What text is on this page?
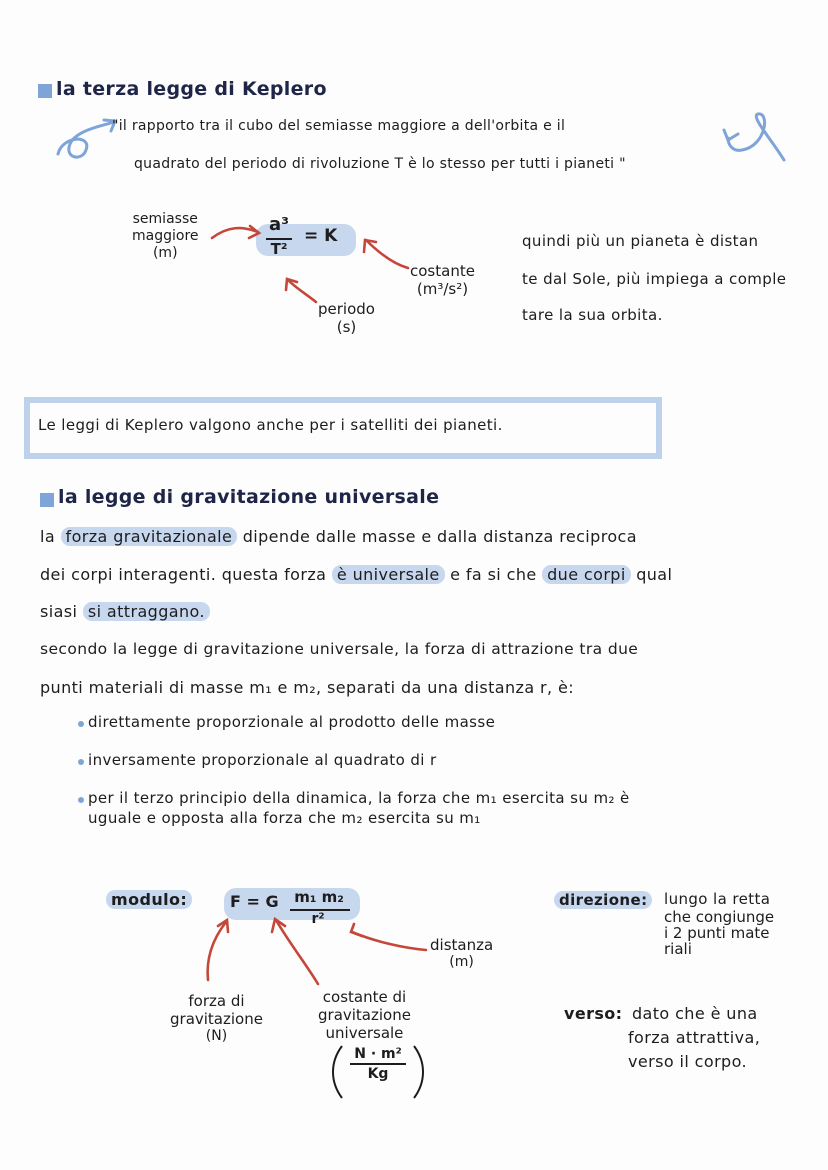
la terza legge di Keplero
"il rapporto tra il cubo del semiasse maggiore a dell'orbita e il
quadrato del periodo di rivoluzione T è lo stesso per tutti i pianeti "
a³
T²
= K
semiasse
maggiore
(m)
periodo
(s)
costante
(m³/s²)
quindi più un pianeta è distan
te dal Sole, più impiega a comple
tare la sua orbita.
Le leggi di Keplero valgono anche per i satelliti dei pianeti.
la legge di gravitazione universale
la forza gravitazionale dipende dalle masse e dalla distanza reciproca
dei corpi interagenti. questa forza è universale e fa si che due corpi qual
siasi si attraggano.
secondo la legge di gravitazione universale, la forza di attrazione tra due
punti materiali di masse m₁ e m₂, separati da una distanza r, è:
direttamente proporzionale al prodotto delle masse
inversamente proporzionale al quadrato di r
per il terzo principio della dinamica, la forza che m₁ esercita su m₂ è
uguale e opposta alla forza che m₂ esercita su m₁
modulo:	F = G	m₁ m₂
r²
distanza
(m)
forza di
gravitazione
(N)
costante di
gravitazione
universale
N · m²
Kg
direzione:	lungo la retta
che congiunge
i 2 punti mate
riali
verso: dato che è una
forza attrattiva,
verso il corpo.
